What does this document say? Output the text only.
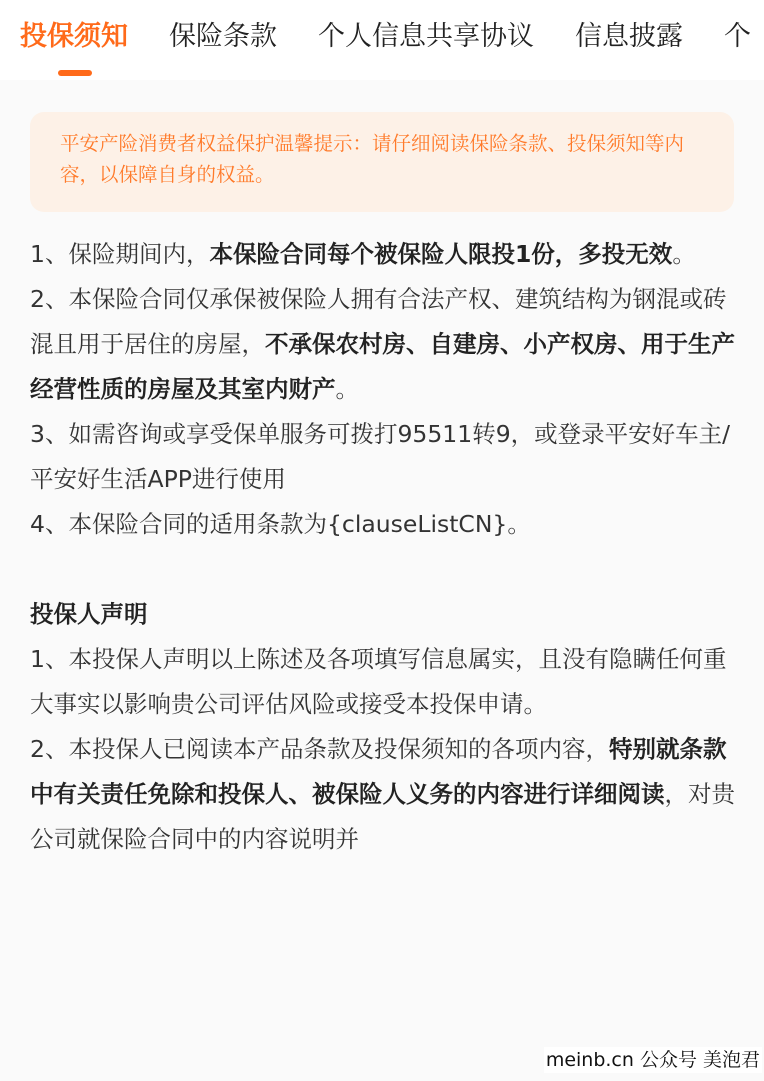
投保须知 保险条款 个人信息共享协议 信息披露 个
平安产险消费者权益保护温馨提示：请仔细阅读保险条款、投保须知等内容，以保障自身的权益。

1、保险期间内，本保险合同每个被保险人限投1份，多投无效。

2、本保险合同仅承保被保险人拥有合法产权、建筑结构为钢混或砖混且用于居住的房屋，不承保农村房、自建房、小产权房、用于生产经营性质的房屋及其室内财产。

3、如需咨询或享受保单服务可拨打95511转9，或登录平安好车主/平安好生活APP进行使用

4、本保险合同的适用条款为{clauseListCN}。

投保人声明

1、本投保人声明以上陈述及各项填写信息属实，且没有隐瞒任何重大事实以影响贵公司评估风险或接受本投保申请。

2、本投保人已阅读本产品条款及投保须知的各项内容，特别就条款中有关责任免除和投保人、被保险人义务的内容进行详细阅读，对贵公司就保险合同中的内容说明并

meinb.cn 公众号 美泡君
